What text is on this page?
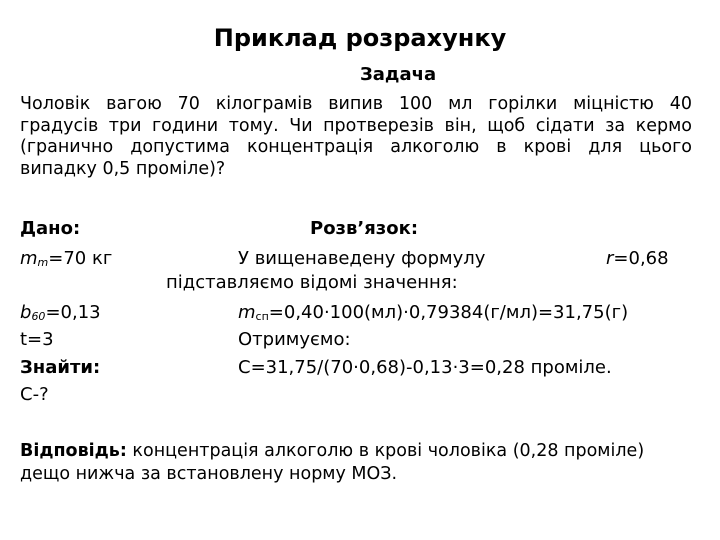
Приклад розрахунку
Задача
Чоловік вагою 70 кілограмів випив 100 мл горілки міцністю 40
градусів три години тому. Чи протверезів він, щоб сідати за кермо
(гранично допустима концентрація алкоголю в крові для цього
випадку 0,5 проміле)?
Дано:
$m_m=70$ кг
$b_{60}=0,13$
t=3
Знайти:
C-?
Розв’язок:
У вищенаведену формулу	r=0,68
підставляємо відомі значення:
$m_{сп}=0,40\cdot 100(мл)\cdot 0,79384(г/мл)=31,75(г)$
Отримуємо:
С=31,75/(70·0,68)-0,13·3=0,28 проміле.
Відповідь: концентрація алкоголю в крові чоловіка (0,28 проміле)
дещо нижча за встановлену норму МОЗ.
